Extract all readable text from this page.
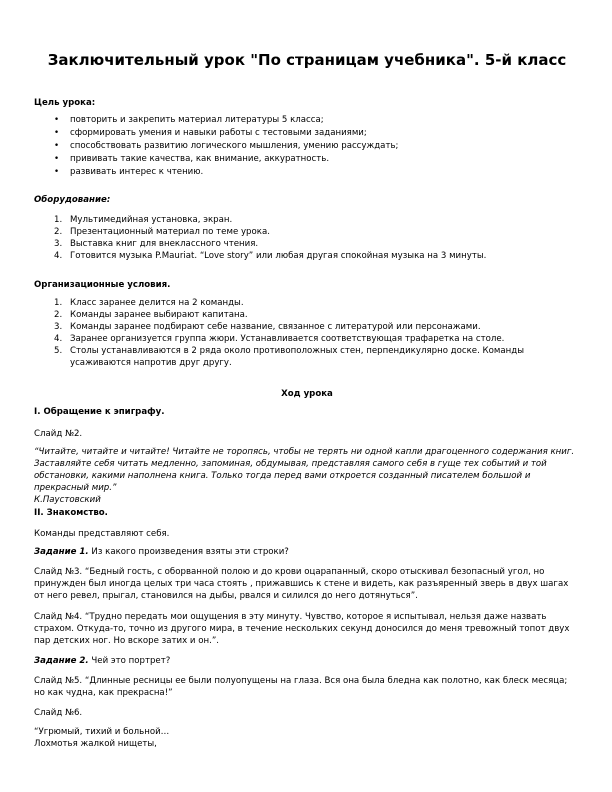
Заключительный урок "По страницам учебника". 5-й класс

Цель урока:

• повторить и закрепить материал литературы 5 класса;
• сформировать умения и навыки работы с тестовыми заданиями;
• способствовать развитию логического мышления, умению рассуждать;
• прививать такие качества, как внимание, аккуратность.
• развивать интерес к чтению.

Оборудование:

1. Мультимедийная установка, экран.
2. Презентационный материал по теме урока.
3. Выставка книг для внеклассного чтения.
4. Готовится музыка P.Mauriat. “Love story” или любая другая спокойная музыка на 3 минуты.

Организационные условия.

1. Класс заранее делится на 2 команды.
2. Команды заранее выбирают капитана.
3. Команды заранее подбирают себе название, связанное с литературой или персонажами.
4. Заранее организуется группа жюри. Устанавливается соответствующая трафаретка на столе.
5. Столы устанавливаются в 2 ряда около противоположных стен, перпендикулярно доске. Команды усаживаются напротив друг другу.

Ход урока

I. Обращение к эпиграфу.

Слайд №2.

“Читайте, читайте и читайте! Читайте не торопясь, чтобы не терять ни одной капли драгоценного содержания книг. Заставляйте себя читать медленно, запоминая, обдумывая, представляя самого себя в гуще тех событий и той обстановки, какими наполнена книга. Только тогда перед вами откроется созданный писателем большой и прекрасный мир.”

К.Паустовский

II. Знакомство.

Команды представляют себя.

Задание 1. Из какого произведения взяты эти строки?

Слайд №3. “Бедный гость, с оборванной полою и до крови оцарапанный, скоро отыскивал безопасный угол, но принужден был иногда целых три часа стоять , прижавшись к стене и видеть, как разъяренный зверь в двух шагах от него ревел, прыгал, становился на дыбы, рвался и силился до него дотянуться”.

Слайд №4. “Трудно передать мои ощущения в эту минуту. Чувство, которое я испытывал, нельзя даже назвать страхом. Откуда-то, точно из другого мира, в течение нескольких секунд доносился до меня тревожный топот двух пар детских ног. Но вскоре затих и он.”.

Задание 2. Чей это портрет?

Слайд №5. “Длинные ресницы ее были полуопущены на глаза. Вся она была бледна как полотно, как блеск месяца; но как чудна, как прекрасна!”

Слайд №6.

“Угрюмый, тихий и больной…

Лохмотья жалкой нищеты,
